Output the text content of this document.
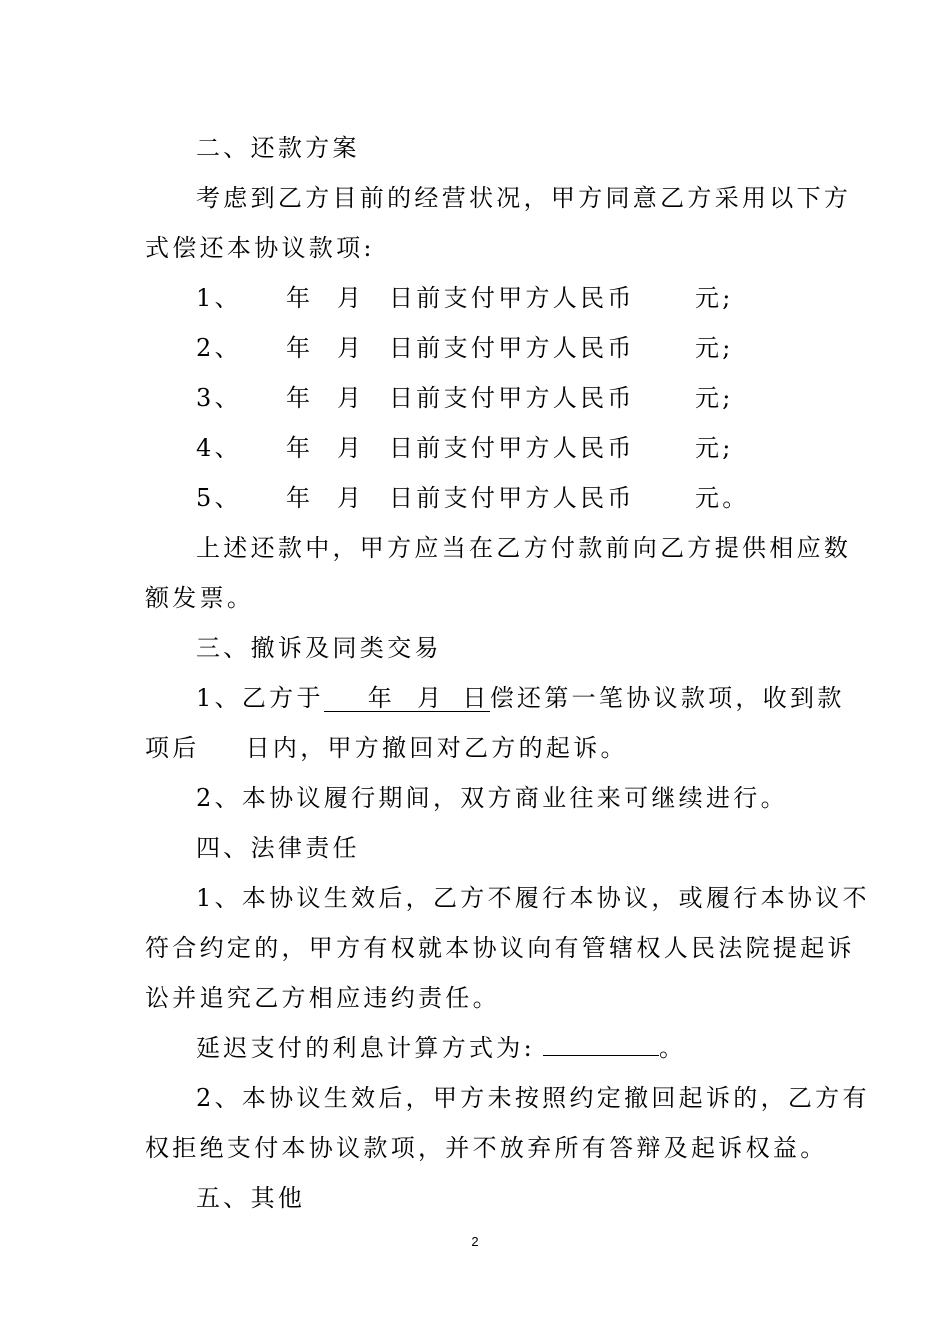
二、还款方案
考虑到乙方目前的经营状况，甲方同意乙方采用以下方
式偿还本协议款项:
1、 年 月 日前支付甲方人民币	元;
2、 年 月 日前支付甲方人民币	元;
3、 年 月 日前支付甲方人民币	元;
4、 年 月 日前支付甲方人民币	元;
5、 年 月 日前支付甲方人民币	元。
上述还款中，甲方应当在乙方付款前向乙方提供相应数
额发票。
三、撤诉及同类交易
1、乙方于 年 月 日偿还第一笔协议款项，收到款
项后 日内，甲方撤回对乙方的起诉。
2、本协议履行期间，双方商业往来可继续进行。
四、法律责任
1、本协议生效后，乙方不履行本协议，或履行本协议不
符合约定的，甲方有权就本协议向有管辖权人民法院提起诉
讼并追究乙方相应违约责任。
延迟支付的利息计算方式为:	。
2、本协议生效后，甲方未按照约定撤回起诉的，乙方有
权拒绝支付本协议款项，并不放弃所有答辩及起诉权益。
五、其他
2
